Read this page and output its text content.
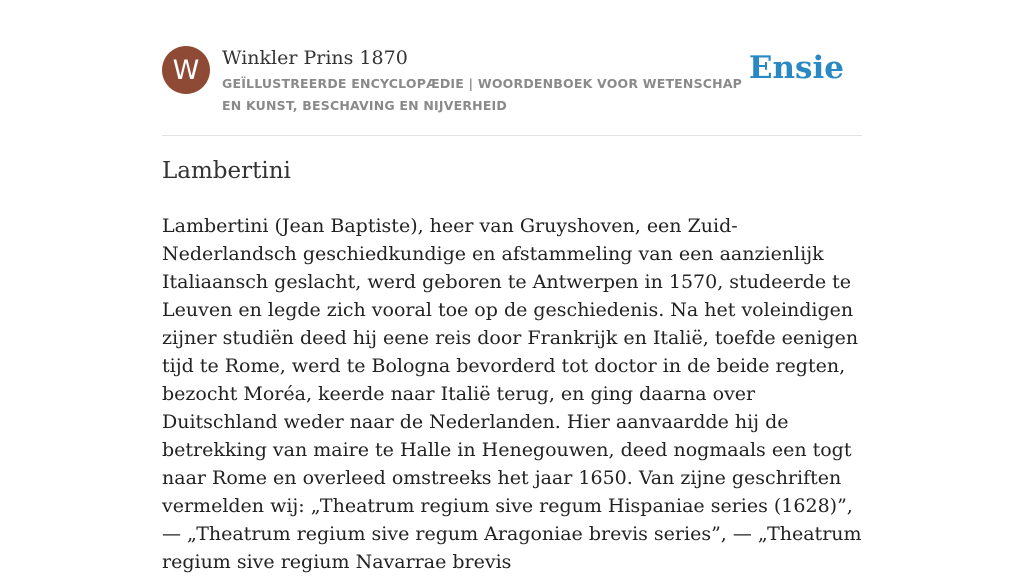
W	Winkler Prins 1870
GEÏLLUSTREERDE ENCYCLOPÆDIE | WOORDENBOEK VOOR WETENSCHAP EN KUNST, BESCHAVING EN NIJVERHEID
Ensie
Lambertini

Lambertini (Jean Baptiste), heer van Gruyshoven, een Zuid-Nederlandsch geschiedkundige en afstammeling van een aanzienlijk Italiaansch geslacht, werd geboren te Antwerpen in 1570, studeerde te Leuven en legde zich vooral toe op de geschiedenis. Na het voleindigen zijner studiën deed hij eene reis door Frankrijk en Italië, toefde eenigen tijd te Rome, werd te Bologna bevorderd tot doctor in de beide regten, bezocht Moréa, keerde naar Italië terug, en ging daarna over Duitschland weder naar de Nederlanden. Hier aanvaardde hij de betrekking van maire te Halle in Henegouwen, deed nogmaals een togt naar Rome en overleed omstreeks het jaar 1650. Van zijne geschriften vermelden wij: „Theatrum regium sive regum Hispaniae series (1628)”, — „Theatrum regium sive regum Aragoniae brevis series”, — „Theatrum regium sive regium Navarrae brevis
